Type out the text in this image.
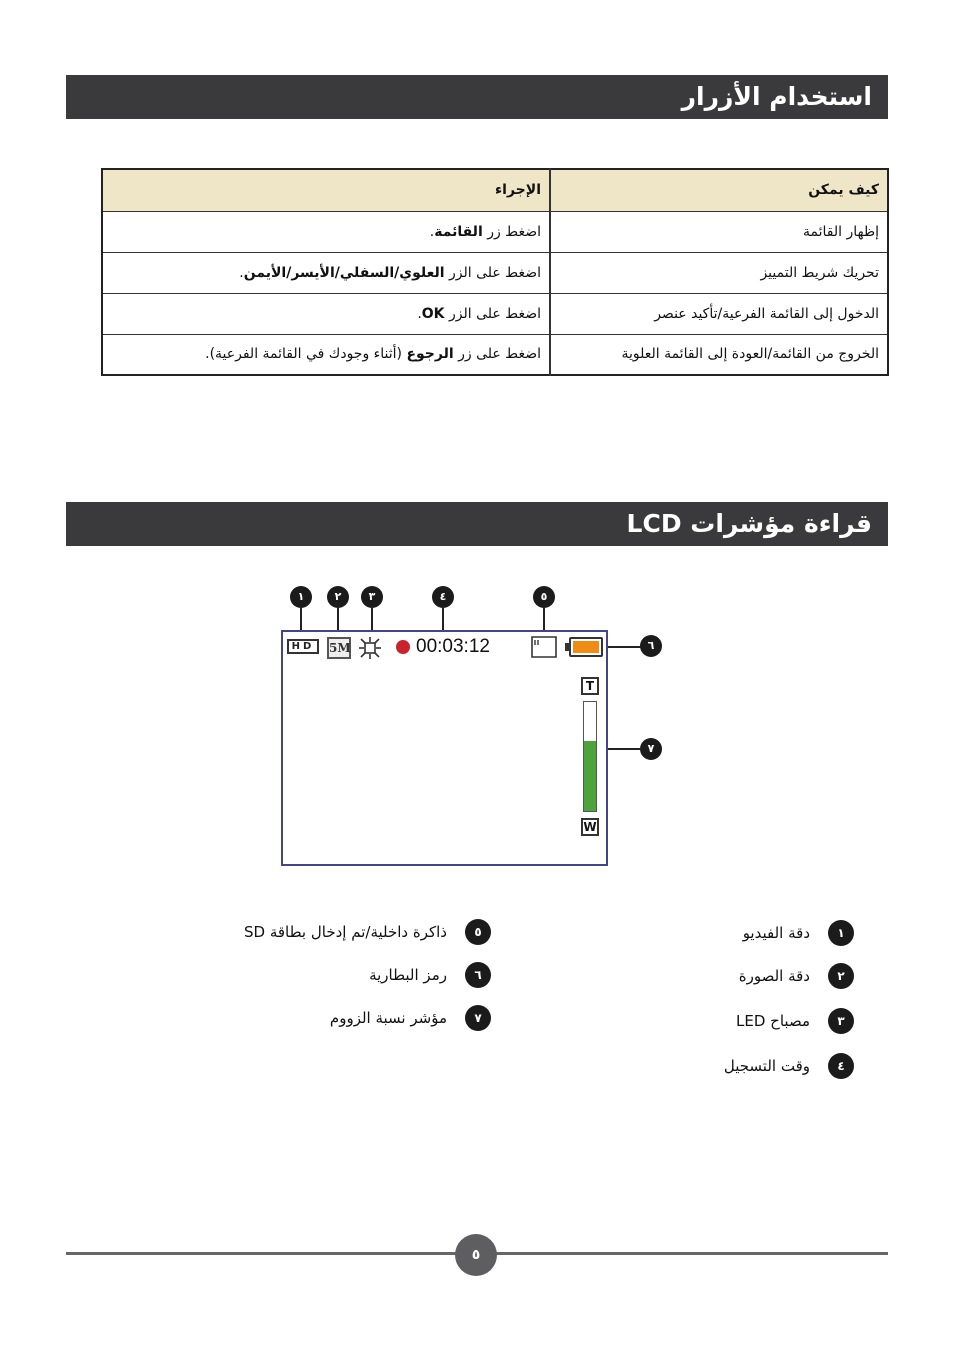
استخدام الأزرار
كيف يمكن	الإجراء
إظهار القائمة	اضغط زر القائمة.
تحريك شريط التمييز	اضغط على الزر العلوي/السفلي/الأيسر/الأيمن.
الدخول إلى القائمة الفرعية/تأكيد عنصر	اضغط على الزر OK.
الخروج من القائمة/العودة إلى القائمة العلوية	اضغط على زر الرجوع (أثناء وجودك في القائمة الفرعية).
قراءة مؤشرات LCD
١	٢	٣	٤	٥
٦
٧
HD	5M	00:03:12
T
W
١
دقة الفيديو
٢
دقة الصورة
٣
مصباح LED
٤
وقت التسجيل
٥
ذاكرة داخلية/تم إدخال بطاقة SD
٦
رمز البطارية
٧
مؤشر نسبة الزووم
٥
